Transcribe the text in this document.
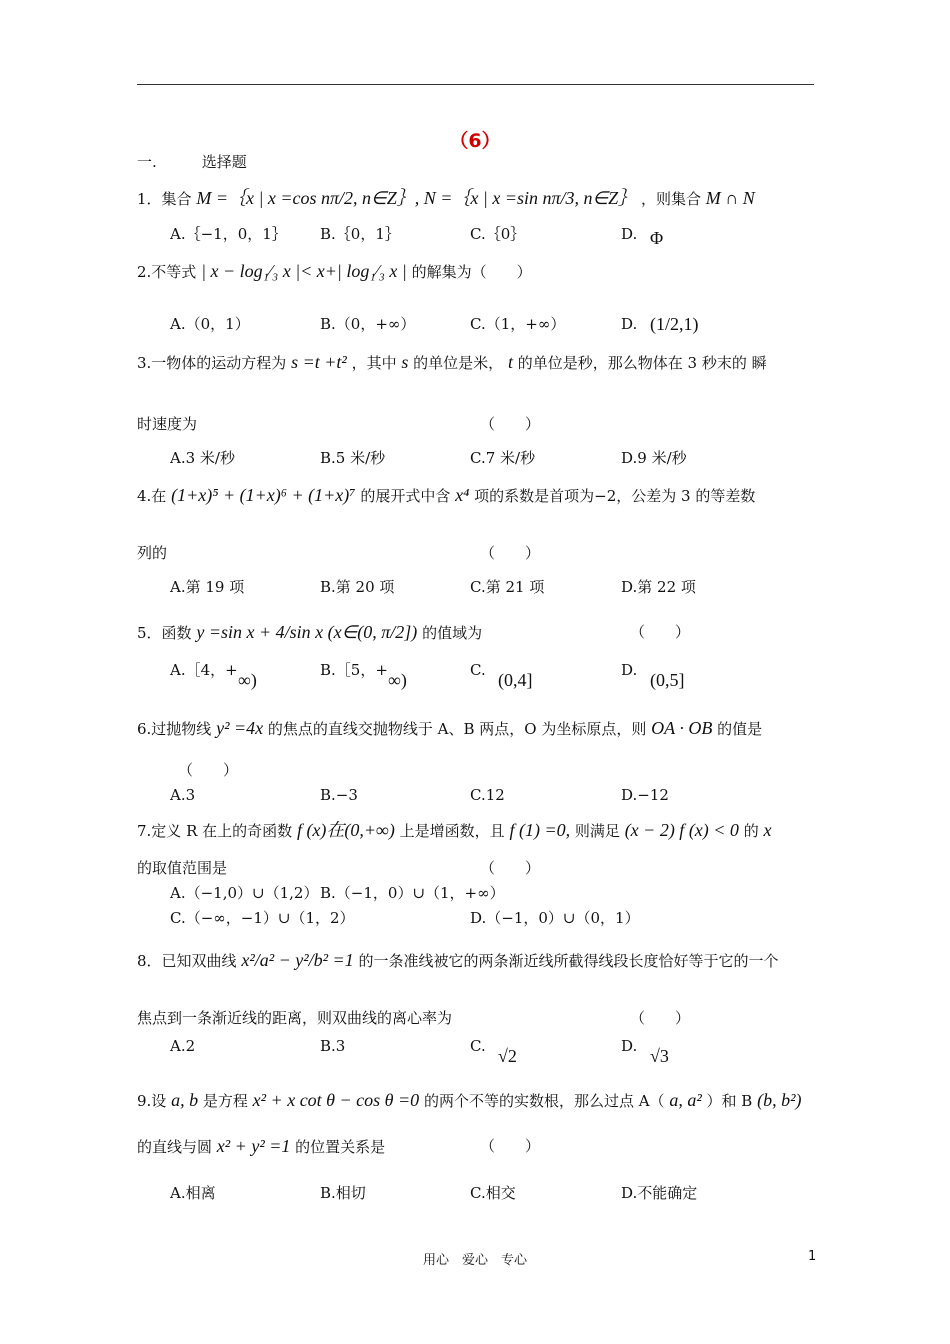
（6）
一.　　　选择题
1．集合 M =｛x | x =cos nπ/2, n∈Z｝, N =｛x | x =sin nπ/3, n∈Z｝ ，则集合 M ∩ N
A.｛−1，0，1｝ B.｛0，1｝	C.｛0｝	D. Φ
2.不等式 | x − log₁⁄₃ x |< x+| log₁⁄₃ x | 的解集为（　　）
A.（0，1）	B.（0，+∞）	C.（1，+∞）	D. (1/2,1)
3.一物体的运动方程为 s =t +t² ，其中 s 的单位是米， t 的单位是秒，那么物体在 3 秒末的 瞬
时速度为	（　　）
A.3 米/秒	B.5 米/秒	C.7 米/秒	D.9 米/秒
4.在 (1+x)⁵ + (1+x)⁶ + (1+x)⁷ 的展开式中含 x⁴ 项的系数是首项为−2，公差为 3 的等差数
列的	（　　）
A.第 19 项	B.第 20 项	C.第 21 项	D.第 22 项
5．函数 y =sin x + 4/sin x (x∈(0, π/2]) 的值域为	（　　）
A.［4，+ ∞)	B.［5，+ ∞)	C. (0,4]	D. (0,5]
6.过抛物线 y² =4x 的焦点的直线交抛物线于 A、B 两点，O 为坐标原点，则 OA · OB 的值是
（　　）
A.3	B.−3	C.12	D.−12
7.定义 R 在上的奇函数 f (x)在(0,+∞) 上是增函数，且 f (1) =0, 则满足 (x − 2) f (x) < 0 的 x
的取值范围是	（　　）
A.（−1,0）∪（1,2） B.（−1，0）∪（1，+∞）
C.（−∞，−1）∪（1，2）	D.（−1，0）∪（0，1）
8．已知双曲线 x²/a² − y²/b² =1 的一条准线被它的两条渐近线所截得线段长度恰好等于它的一个
焦点到一条渐近线的距离，则双曲线的离心率为	（　　）
A.2	B.3	C. √2	D. √3
9.设 a, b 是方程 x² + x cot θ − cos θ =0 的两个不等的实数根，那么过点 A（ a, a² ）和 B (b, b²)
的直线与圆 x² + y² =1 的位置关系是	（　　）
A.相离	B.相切	C.相交	D.不能确定
用心　爱心　专心	1
